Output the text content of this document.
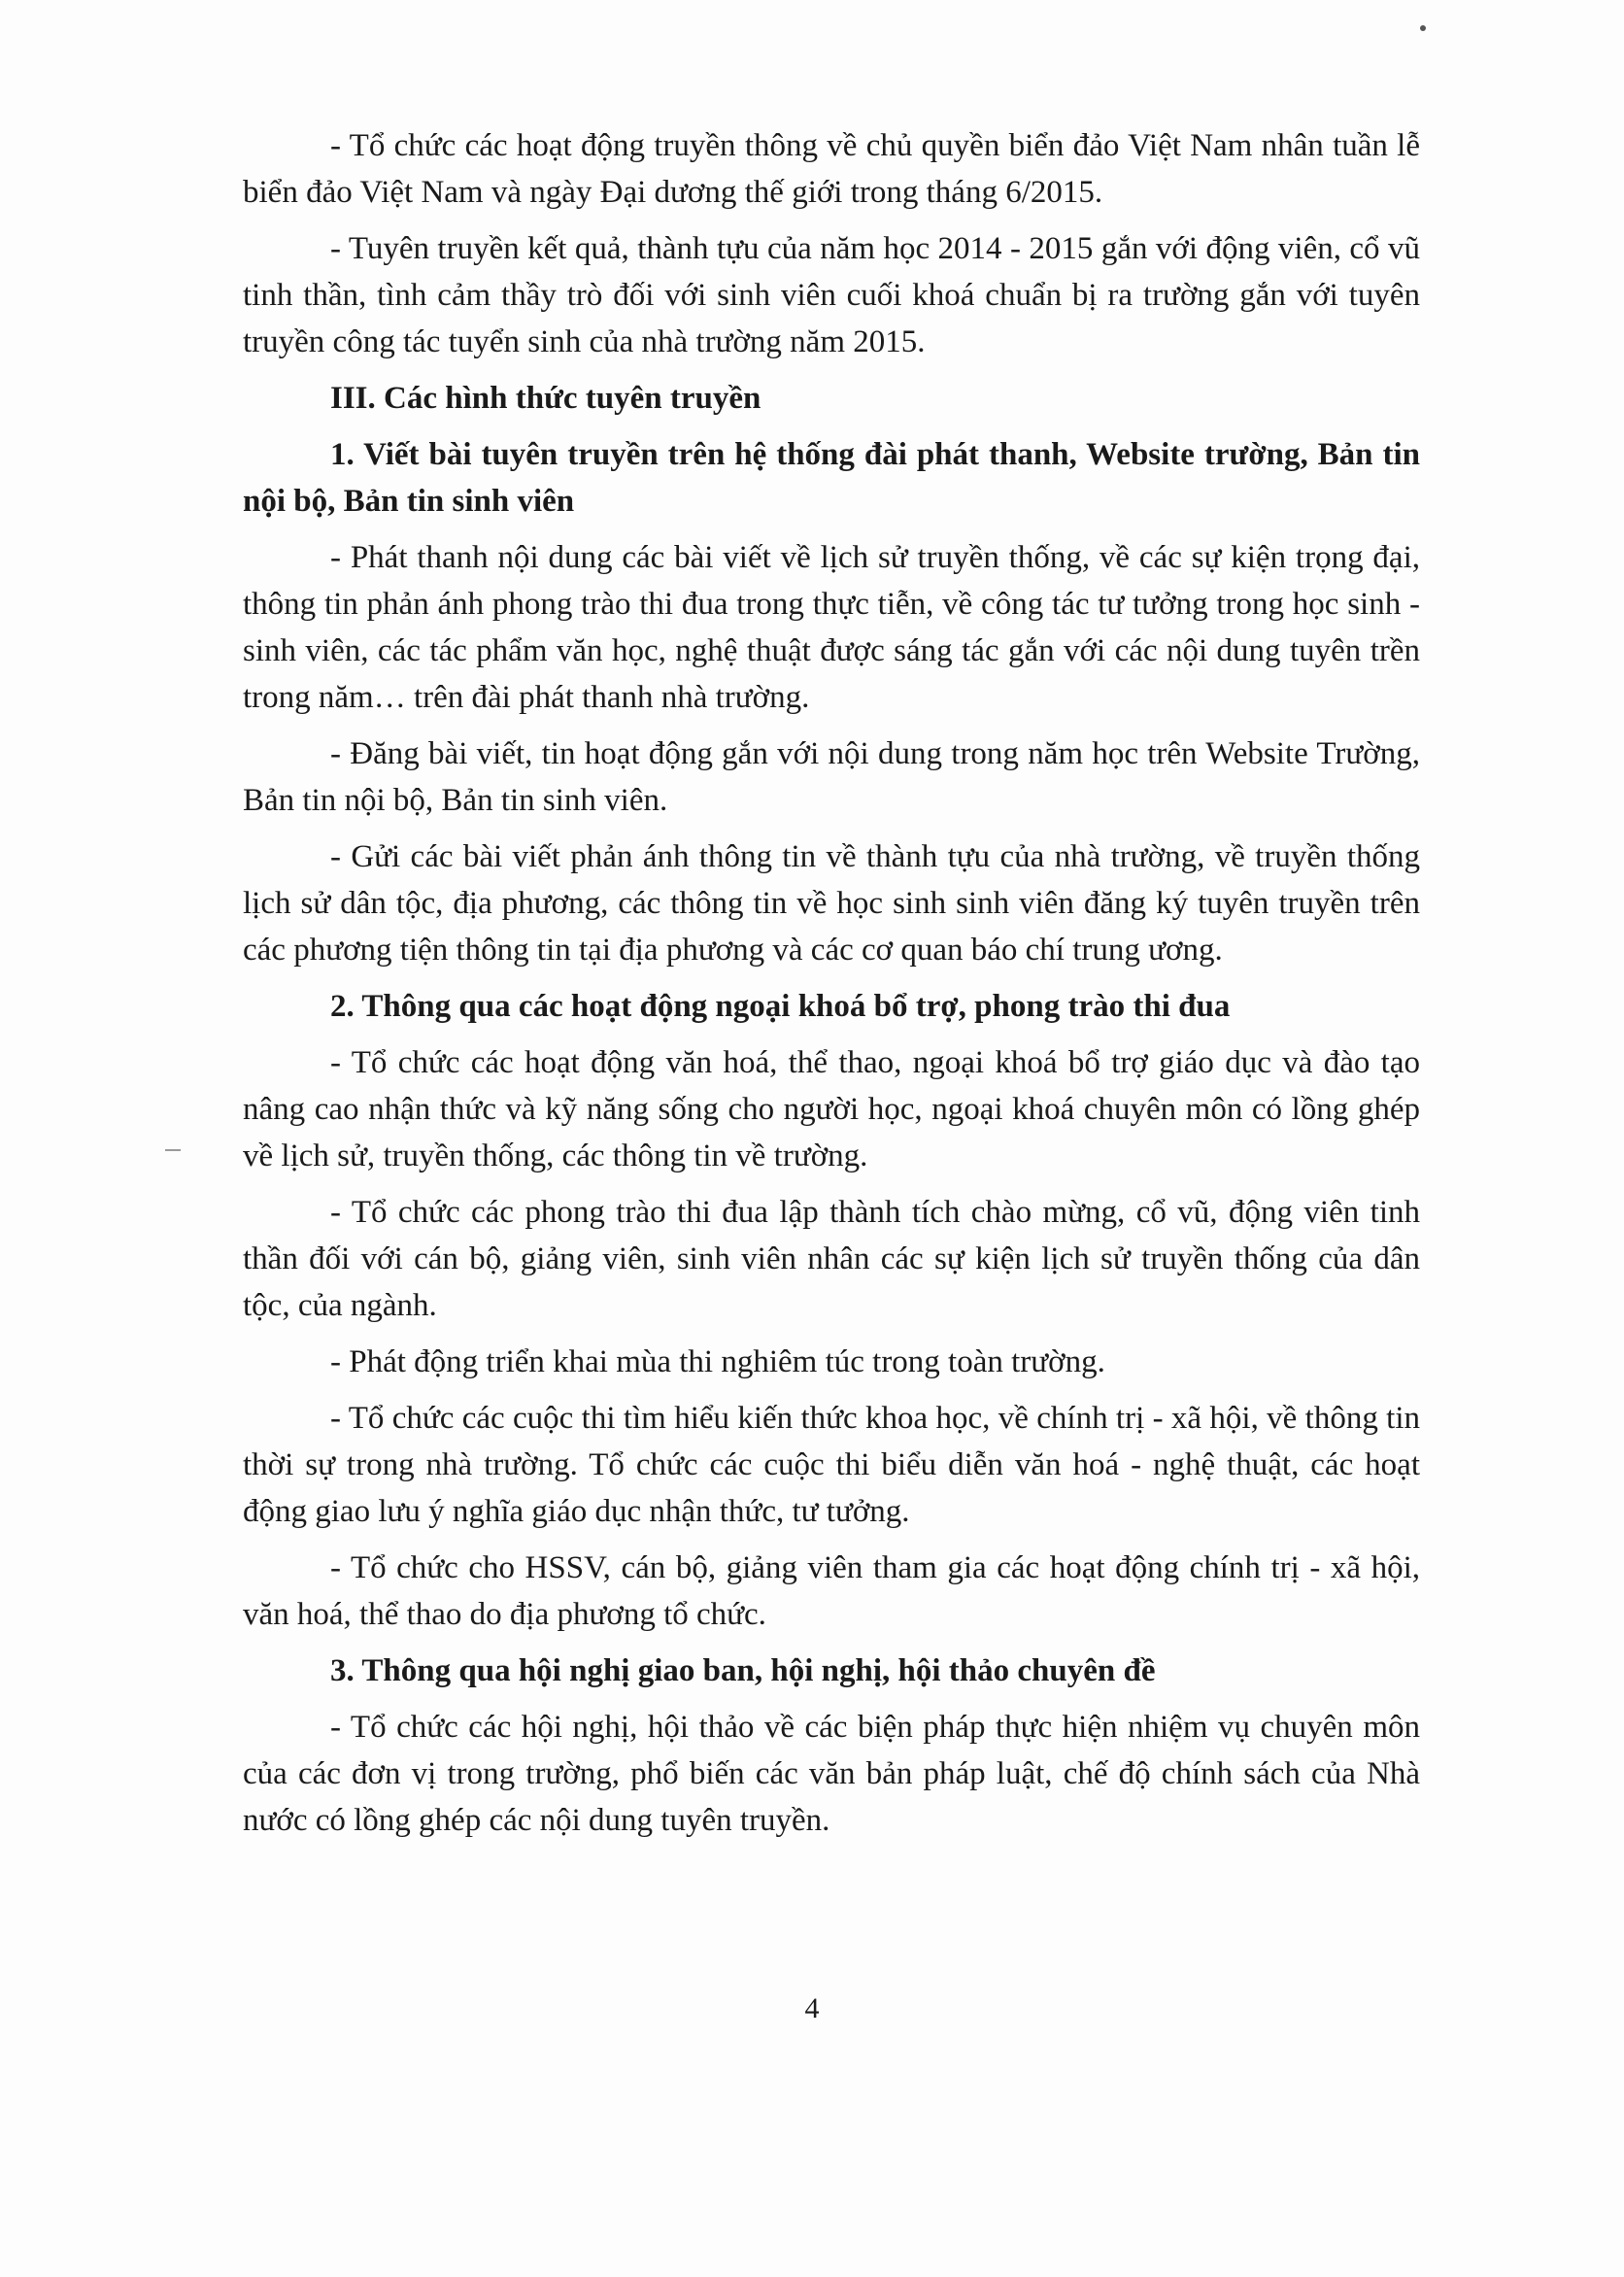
- Tổ chức các hoạt động truyền thông về chủ quyền biển đảo Việt Nam nhân tuần lễ biển đảo Việt Nam và ngày Đại dương thế giới trong tháng 6/2015.

- Tuyên truyền kết quả, thành tựu của năm học 2014 - 2015 gắn với động viên, cổ vũ tinh thần, tình cảm thầy trò đối với sinh viên cuối khoá chuẩn bị ra trường gắn với tuyên truyền công tác tuyển sinh của nhà trường năm 2015.

III. Các hình thức tuyên truyền

1. Viết bài tuyên truyền trên hệ thống đài phát thanh, Website trường, Bản tin nội bộ, Bản tin sinh viên

- Phát thanh nội dung các bài viết về lịch sử truyền thống, về các sự kiện trọng đại, thông tin phản ánh phong trào thi đua trong thực tiễn, về công tác tư tưởng trong học sinh - sinh viên, các tác phẩm văn học, nghệ thuật được sáng tác gắn với các nội dung tuyên trền trong năm… trên đài phát thanh nhà trường.

- Đăng bài viết, tin hoạt động gắn với nội dung trong năm học trên Website Trường, Bản tin nội bộ, Bản tin sinh viên.

- Gửi các bài viết phản ánh thông tin về thành tựu của nhà trường, về truyền thống lịch sử dân tộc, địa phương, các thông tin về học sinh sinh viên đăng ký tuyên truyền trên các phương tiện thông tin tại địa phương và các cơ quan báo chí trung ương.

2. Thông qua các hoạt động ngoại khoá bổ trợ, phong trào thi đua

- Tổ chức các hoạt động văn hoá, thể thao, ngoại khoá bổ trợ giáo dục và đào tạo nâng cao nhận thức và kỹ năng sống cho người học, ngoại khoá chuyên môn có lồng ghép về lịch sử, truyền thống, các thông tin về trường.

- Tổ chức các phong trào thi đua lập thành tích chào mừng, cổ vũ, động viên tinh thần đối với cán bộ, giảng viên, sinh viên nhân các sự kiện lịch sử truyền thống của dân tộc, của ngành.

- Phát động triển khai mùa thi nghiêm túc trong toàn trường.

- Tổ chức các cuộc thi tìm hiểu kiến thức khoa học, về chính trị - xã hội, về thông tin thời sự trong nhà trường. Tổ chức các cuộc thi biểu diễn văn hoá - nghệ thuật, các hoạt động giao lưu ý nghĩa giáo dục nhận thức, tư tưởng.

- Tổ chức cho HSSV, cán bộ, giảng viên tham gia các hoạt động chính trị - xã hội, văn hoá, thể thao do địa phương tổ chức.

3. Thông qua hội nghị giao ban, hội nghị, hội thảo chuyên đề

- Tổ chức các hội nghị, hội thảo về các biện pháp thực hiện nhiệm vụ chuyên môn của các đơn vị trong trường, phổ biến các văn bản pháp luật, chế độ chính sách của Nhà nước có lồng ghép các nội dung tuyên truyền.

4
